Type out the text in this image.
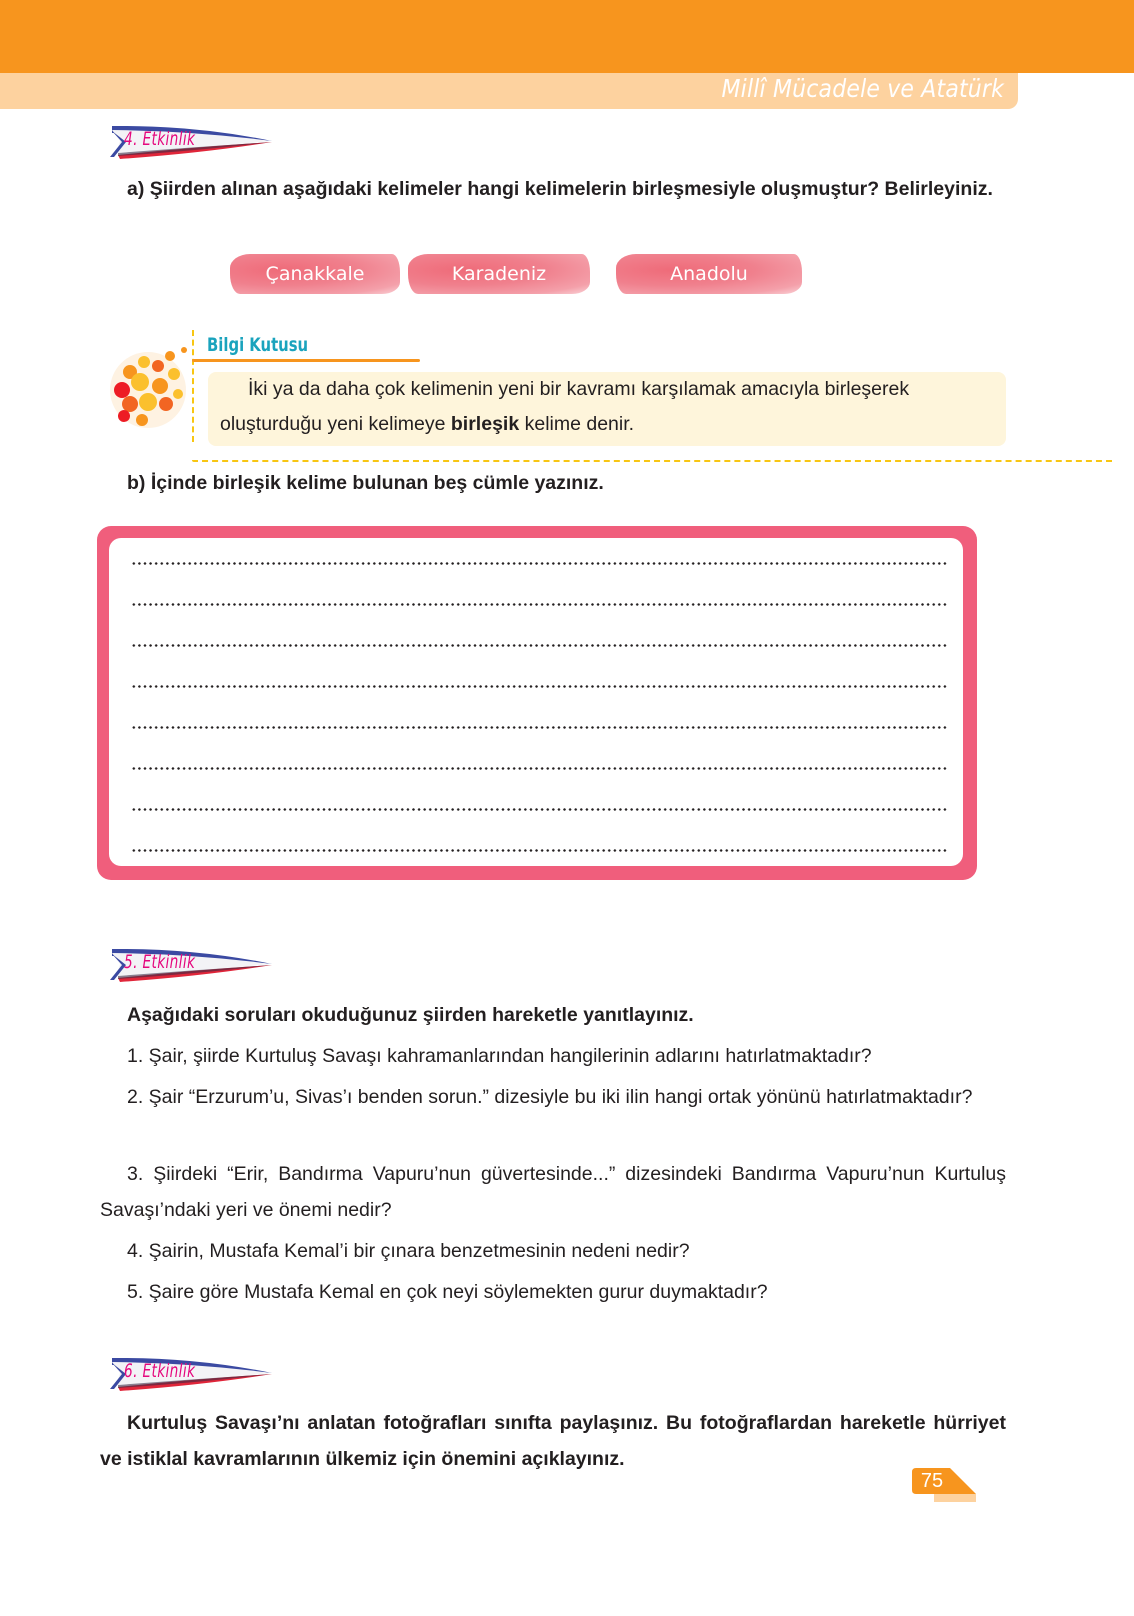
Millî Mücadele ve Atatürk
4. Etkinlik
a) Şiirden alınan aşağıdaki kelimeler hangi kelimelerin birleşmesiyle oluşmuştur? Belirleyiniz.
Çanakkale	Karadeniz	Anadolu
Bilgi Kutusu
İki ya da daha çok kelimenin yeni bir kavramı karşılamak amacıyla birleşerek oluşturduğu yeni kelimeye birleşik kelime denir.
b) İçinde birleşik kelime bulunan beş cümle yazınız.
5. Etkinlik
Aşağıdaki soruları okuduğunuz şiirden hareketle yanıtlayınız.
1. Şair, şiirde Kurtuluş Savaşı kahramanlarından hangilerinin adlarını hatırlatmaktadır?
2. Şair “Erzurum’u, Sivas’ı benden sorun.” dizesiyle bu iki ilin hangi ortak yönünü hatırlatmaktadır?
3. Şiirdeki “Erir, Bandırma Vapuru’nun güvertesinde...” dizesindeki Bandırma Vapuru’nun Kurtuluş Savaşı’ndaki yeri ve önemi nedir?
4. Şairin, Mustafa Kemal’i bir çınara benzetmesinin nedeni nedir?
5. Şaire göre Mustafa Kemal en çok neyi söylemekten gurur duymaktadır?
6. Etkinlik
Kurtuluş Savaşı’nı anlatan fotoğrafları sınıfta paylaşınız. Bu fotoğraflardan hareketle hürriyet ve istiklal kavramlarının ülkemiz için önemini açıklayınız.
75
